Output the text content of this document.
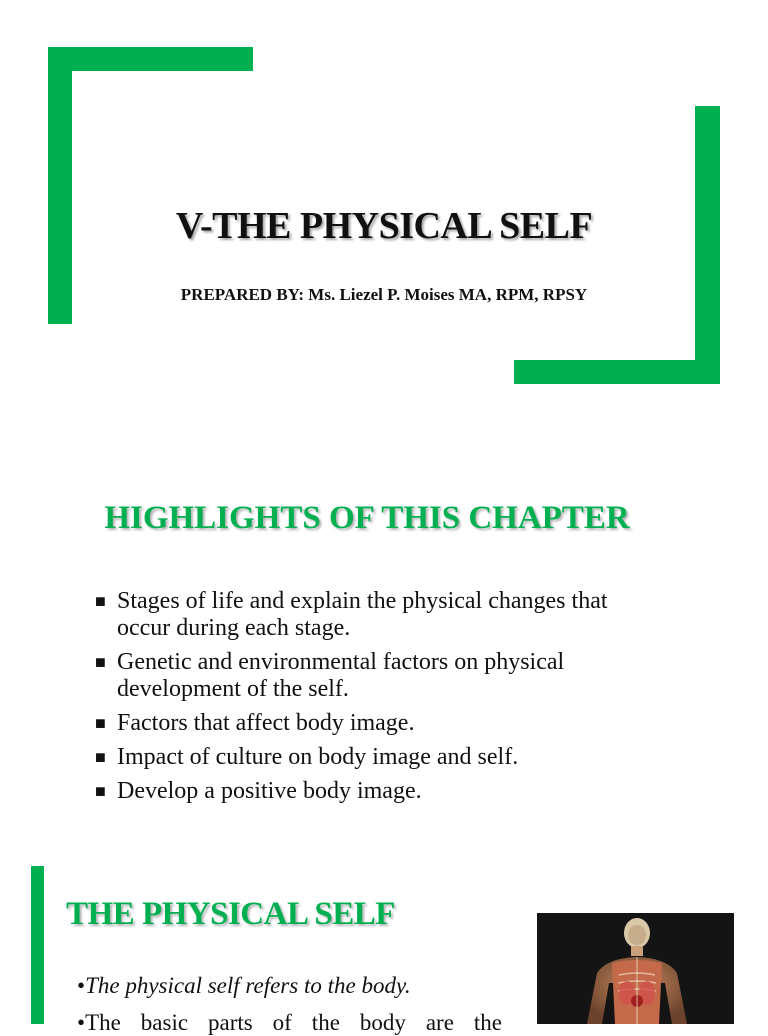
V-THE PHYSICAL SELF
PREPARED BY: Ms. Liezel P. Moises MA, RPM, RPSY
HIGHLIGHTS OF THIS CHAPTER
■ Stages of life and explain the physical changes that occur during each stage.
■ Genetic and environmental factors on physical development of the self.
■ Factors that affect body image.
■ Impact of culture on body image and self.
■ Develop a positive body image.
THE PHYSICAL SELF
•The physical self refers to the body.
•The basic parts of the body are the
